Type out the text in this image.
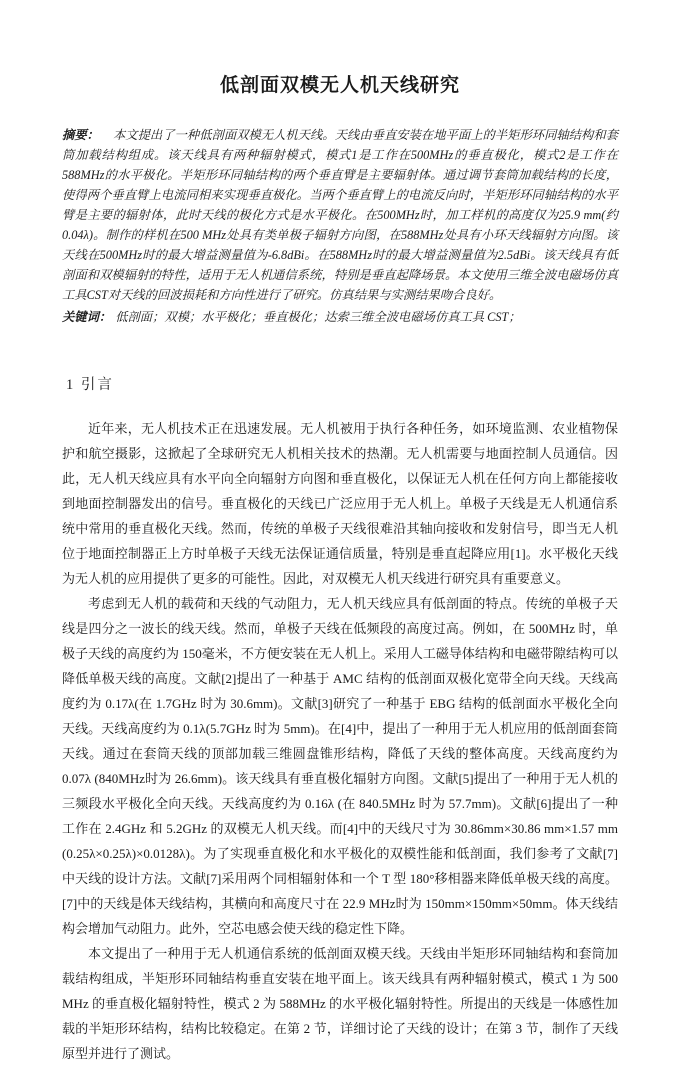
低剖面双模无人机天线研究

摘要： 本文提出了一种低剖面双模无人机天线。天线由垂直安装在地平面上的半矩形环同轴结构和套筒加载结构组成。该天线具有两种辐射模式，模式1是工作在500MHz的垂直极化，模式2是工作在588MHz的水平极化。半矩形环同轴结构的两个垂直臂是主要辐射体。通过调节套筒加载结构的长度，使得两个垂直臂上电流同相来实现垂直极化。当两个垂直臂上的电流反向时，半矩形环同轴结构的水平臂是主要的辐射体，此时天线的极化方式是水平极化。在500MHz时，加工样机的高度仅为25.9 mm(约0.04λ)。制作的样机在500 MHz处具有类单极子辐射方向图，在588MHz处具有小环天线辐射方向图。该天线在500MHz时的最大增益测量值为-6.8dBi。在588MHz时的最大增益测量值为2.5dBi。该天线具有低剖面和双模辐射的特性，适用于无人机通信系统，特别是垂直起降场景。本文使用三维全波电磁场仿真工具CST对天线的回波损耗和方向性进行了研究。仿真结果与实测结果吻合良好。

关键词： 低剖面；双模；水平极化；垂直极化；达索三维全波电磁场仿真工具 CST；

1 引言

近年来，无人机技术正在迅速发展。无人机被用于执行各种任务，如环境监测、农业植物保护和航空摄影，这掀起了全球研究无人机相关技术的热潮。无人机需要与地面控制人员通信。因此，无人机天线应具有水平向全向辐射方向图和垂直极化，以保证无人机在任何方向上都能接收到地面控制器发出的信号。垂直极化的天线已广泛应用于无人机上。单极子天线是无人机通信系统中常用的垂直极化天线。然而，传统的单极子天线很难沿其轴向接收和发射信号，即当无人机位于地面控制器正上方时单极子天线无法保证通信质量，特别是垂直起降应用[1]。水平极化天线为无人机的应用提供了更多的可能性。因此，对双模无人机天线进行研究具有重要意义。

考虑到无人机的载荷和天线的气动阻力，无人机天线应具有低剖面的特点。传统的单极子天线是四分之一波长的线天线。然而，单极子天线在低频段的高度过高。例如，在 500MHz 时，单极子天线的高度约为 150毫米，不方便安装在无人机上。采用人工磁导体结构和电磁带隙结构可以降低单极天线的高度。文献[2]提出了一种基于 AMC 结构的低剖面双极化宽带全向天线。天线高度约为 0.17λ(在 1.7GHz 时为 30.6mm)。文献[3]研究了一种基于 EBG 结构的低剖面水平极化全向天线。天线高度约为 0.1λ(5.7GHz 时为 5mm)。在[4]中，提出了一种用于无人机应用的低剖面套筒天线。通过在套筒天线的顶部加载三维圆盘锥形结构，降低了天线的整体高度。天线高度约为 0.07λ (840MHz时为 26.6mm)。该天线具有垂直极化辐射方向图。文献[5]提出了一种用于无人机的三频段水平极化全向天线。天线高度约为 0.16λ (在 840.5MHz 时为 57.7mm)。文献[6]提出了一种工作在 2.4GHz 和 5.2GHz 的双模无人机天线。而[4]中的天线尺寸为 30.86mm×30.86 mm×1.57 mm (0.25λ×0.25λ)×0.0128λ)。为了实现垂直极化和水平极化的双模性能和低剖面，我们参考了文献[7]中天线的设计方法。文献[7]采用两个同相辐射体和一个 T 型 180°移相器来降低单极天线的高度。[7]中的天线是体天线结构，其横向和高度尺寸在 22.9 MHz时为 150mm×150mm×50mm。体天线结构会增加气动阻力。此外，空芯电感会使天线的稳定性下降。

本文提出了一种用于无人机通信系统的低剖面双模天线。天线由半矩形环同轴结构和套筒加载结构组成，半矩形环同轴结构垂直安装在地平面上。该天线具有两种辐射模式，模式 1 为 500 MHz 的垂直极化辐射特性，模式 2 为 588MHz 的水平极化辐射特性。所提出的天线是一体感性加载的半矩形环结构，结构比较稳定。在第 2 节，详细讨论了天线的设计；在第 3 节，制作了天线原型并进行了测试。
